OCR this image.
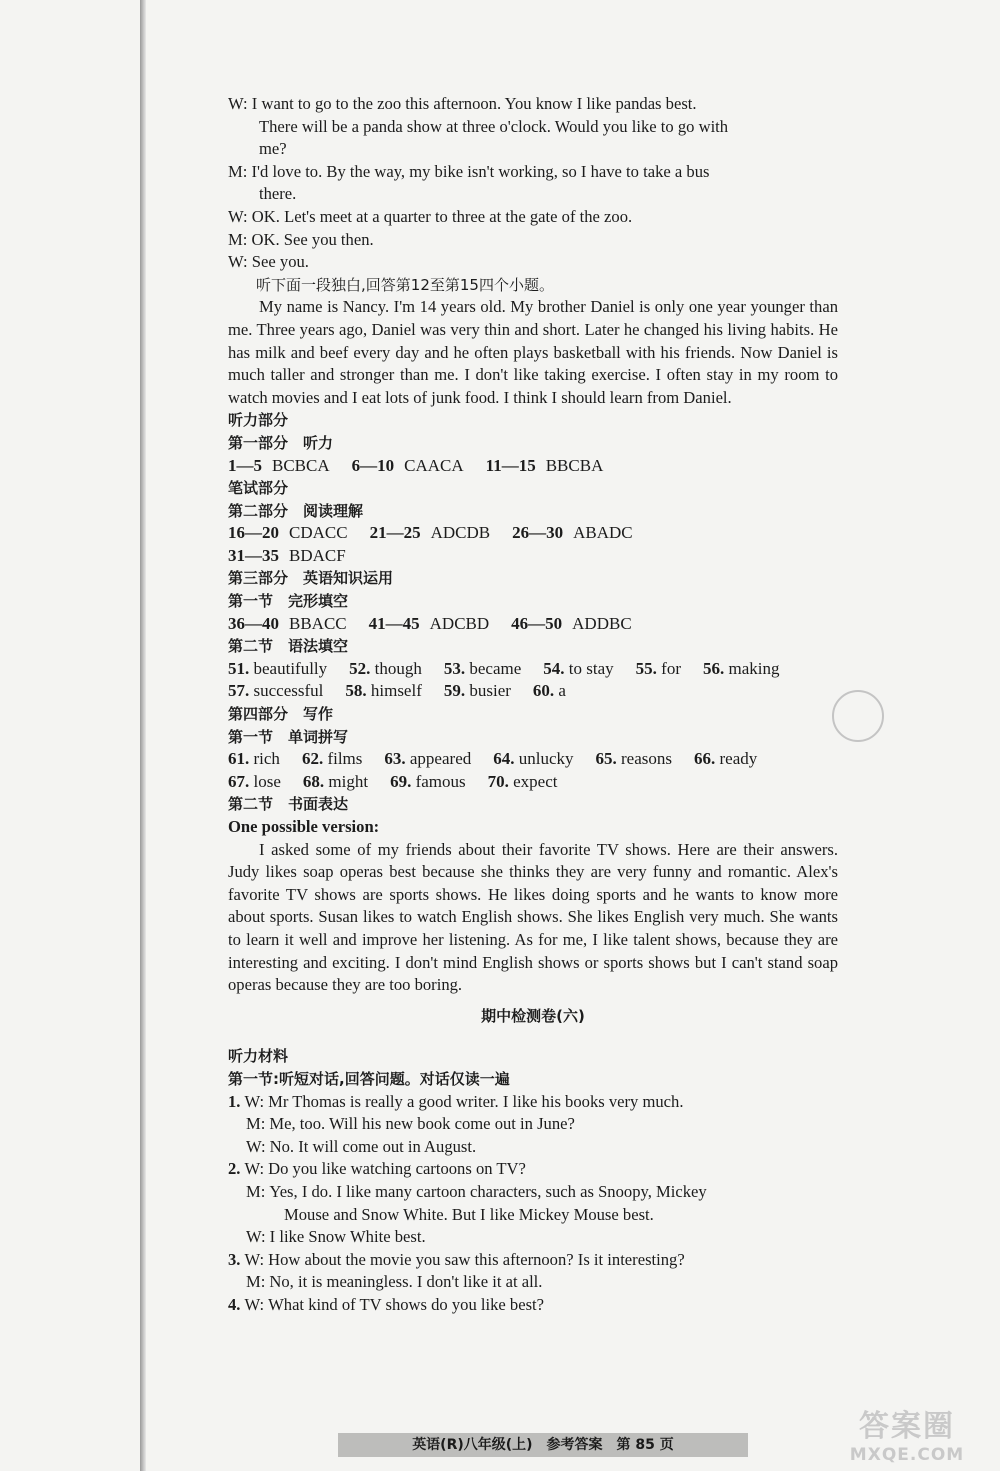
W: I want to go to the zoo this afternoon. You know I like pandas best.
There will be a panda show at three o'clock. Would you like to go with
me?
M: I'd love to. By the way, my bike isn't working, so I have to take a bus
there.
W: OK. Let's meet at a quarter to three at the gate of the zoo.
M: OK. See you then.
W: See you.
听下面一段独白,回答第12至第15四个小题。
My name is Nancy. I'm 14 years old. My brother Daniel is only one year younger than me. Three years ago, Daniel was very thin and short. Later he changed his living habits. He has milk and beef every day and he often plays basketball with his friends. Now Daniel is much taller and stronger than me. I don't like taking exercise. I often stay in my room to watch movies and I eat lots of junk food. I think I should learn from Daniel.
听力部分
第一部分　听力
1—5 BCBCA 6—10 CAACA 11—15 BBCBA
笔试部分
第二部分　阅读理解
16—20 CDACC 21—25 ADCDB 26—30 ABADC
31—35 BDACF
第三部分　英语知识运用
第一节　完形填空
36—40 BBACC 41—45 ADCBD 46—50 ADDBC
第二节　语法填空
51. beautifully 52. though 53. became 54. to stay 55. for 56. making
57. successful 58. himself 59. busier 60. a
第四部分　写作
第一节　单词拼写
61. rich 62. films 63. appeared 64. unlucky 65. reasons 66. ready
67. lose 68. might 69. famous 70. expect
第二节　书面表达
One possible version:
I asked some of my friends about their favorite TV shows. Here are their answers. Judy likes soap operas best because she thinks they are very funny and romantic. Alex's favorite TV shows are sports shows. He likes doing sports and he wants to know more about sports. Susan likes to watch English shows. She likes English very much. She wants to learn it well and improve her listening. As for me, I like talent shows, because they are interesting and exciting. I don't mind English shows or sports shows but I can't stand soap operas because they are too boring.
期中检测卷(六)
听力材料
第一节:听短对话,回答问题。对话仅读一遍
1. W: Mr Thomas is really a good writer. I like his books very much.
M: Me, too. Will his new book come out in June?
W: No. It will come out in August.
2. W: Do you like watching cartoons on TV?
M: Yes, I do. I like many cartoon characters, such as Snoopy, Mickey
Mouse and Snow White. But I like Mickey Mouse best.
W: I like Snow White best.
3. W: How about the movie you saw this afternoon? Is it interesting?
M: No, it is meaningless. I don't like it at all.
4. W: What kind of TV shows do you like best?
英语(R)八年级(上)　参考答案　第 85 页
答案圈
MXQE.COM
